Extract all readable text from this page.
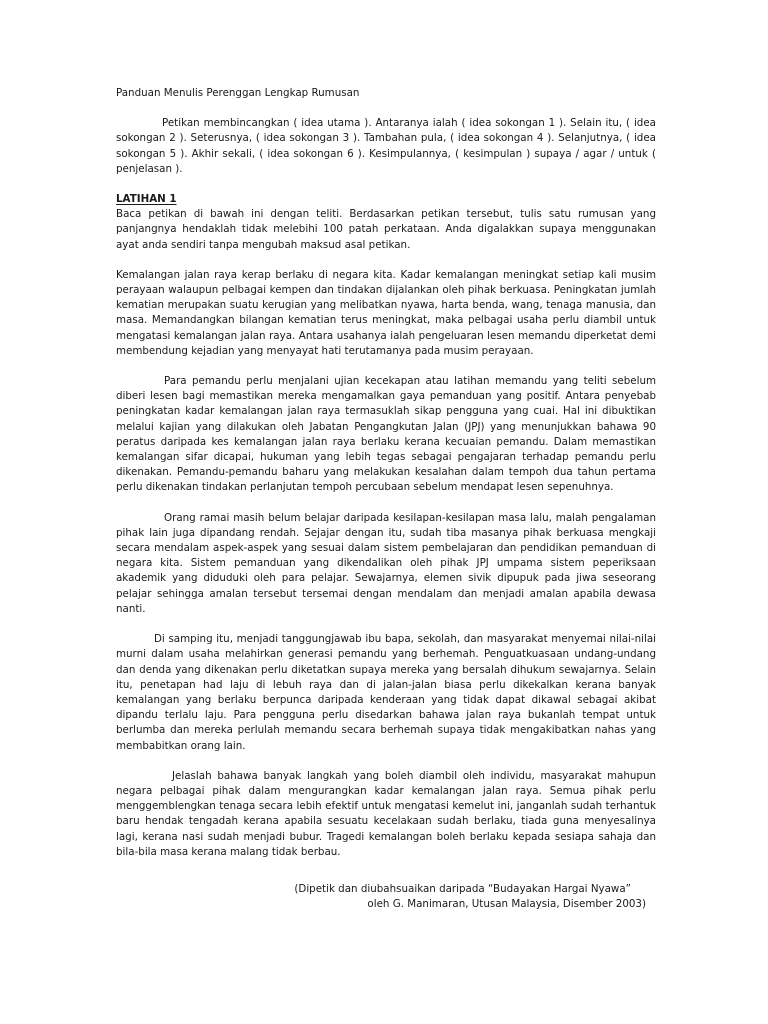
Panduan Menulis Perenggan Lengkap Rumusan

Petikan membincangkan ( idea utama ). Antaranya ialah ( idea sokongan 1 ). Selain itu, ( idea sokongan 2 ). Seterusnya, ( idea sokongan 3 ). Tambahan pula, ( idea sokongan 4 ). Selanjutnya, ( idea sokongan 5 ). Akhir sekali, ( idea sokongan 6 ). Kesimpulannya, ( kesimpulan ) supaya / agar / untuk ( penjelasan ).

LATIHAN 1

Baca petikan di bawah ini dengan teliti. Berdasarkan petikan tersebut, tulis satu rumusan yang panjangnya hendaklah tidak melebihi 100 patah perkataan. Anda digalakkan supaya menggunakan ayat anda sendiri tanpa mengubah maksud asal petikan.

Kemalangan jalan raya kerap berlaku di negara kita. Kadar kemalangan meningkat setiap kali musim perayaan walaupun pelbagai kempen dan tindakan dijalankan oleh pihak berkuasa. Peningkatan jumlah kematian merupakan suatu kerugian yang melibatkan nyawa, harta benda, wang, tenaga manusia, dan masa. Memandangkan bilangan kematian terus meningkat, maka pelbagai usaha perlu diambil untuk mengatasi kemalangan jalan raya. Antara usahanya ialah pengeluaran lesen memandu diperketat demi membendung kejadian yang menyayat hati terutamanya pada musim perayaan.

Para pemandu perlu menjalani ujian kecekapan atau latihan memandu yang teliti sebelum diberi lesen bagi memastikan mereka mengamalkan gaya pemanduan yang positif. Antara penyebab peningkatan kadar kemalangan jalan raya termasuklah sikap pengguna yang cuai. Hal ini dibuktikan melalui kajian yang dilakukan oleh Jabatan Pengangkutan Jalan (JPJ) yang menunjukkan bahawa 90 peratus daripada kes kemalangan jalan raya berlaku kerana kecuaian pemandu. Dalam memastikan kemalangan sifar dicapai, hukuman yang lebih tegas sebagai pengajaran terhadap pemandu perlu dikenakan. Pemandu-pemandu baharu yang melakukan kesalahan dalam tempoh dua tahun pertama perlu dikenakan tindakan perlanjutan tempoh percubaan sebelum mendapat lesen sepenuhnya.

Orang ramai masih belum belajar daripada kesilapan-kesilapan masa lalu, malah pengalaman pihak lain juga dipandang rendah. Sejajar dengan itu, sudah tiba masanya pihak berkuasa mengkaji secara mendalam aspek-aspek yang sesuai dalam sistem pembelajaran dan pendidikan pemanduan di negara kita. Sistem pemanduan yang dikendalikan oleh pihak JPJ umpama sistem peperiksaan akademik yang diduduki oleh para pelajar. Sewajarnya, elemen sivik dipupuk pada jiwa seseorang pelajar sehingga amalan tersebut tersemai dengan mendalam dan menjadi amalan apabila dewasa nanti.

Di samping itu, menjadi tanggungjawab ibu bapa, sekolah, dan masyarakat menyemai nilai-nilai murni dalam usaha melahirkan generasi pemandu yang berhemah. Penguatkuasaan undang-undang dan denda yang dikenakan perlu diketatkan supaya mereka yang bersalah dihukum sewajarnya. Selain itu, penetapan had laju di lebuh raya dan di jalan-jalan biasa perlu dikekalkan kerana banyak kemalangan yang berlaku berpunca daripada kenderaan yang tidak dapat dikawal sebagai akibat dipandu terlalu laju. Para pengguna perlu disedarkan bahawa jalan raya bukanlah tempat untuk berlumba dan mereka perlulah memandu secara berhemah supaya tidak mengakibatkan nahas yang membabitkan orang lain.

Jelaslah bahawa banyak langkah yang boleh diambil oleh individu, masyarakat mahupun negara pelbagai pihak dalam mengurangkan kadar kemalangan jalan raya. Semua pihak perlu menggemblengkan tenaga secara lebih efektif untuk mengatasi kemelut ini, janganlah sudah terhantuk baru hendak tengadah kerana apabila sesuatu kecelakaan sudah berlaku, tiada guna menyesalinya lagi, kerana nasi sudah menjadi bubur. Tragedi kemalangan boleh berlaku kepada sesiapa sahaja dan bila-bila masa kerana malang tidak berbau.

(Dipetik dan diubahsuaikan daripada “Budayakan Hargai Nyawa”
oleh G. Manimaran, Utusan Malaysia, Disember 2003)
